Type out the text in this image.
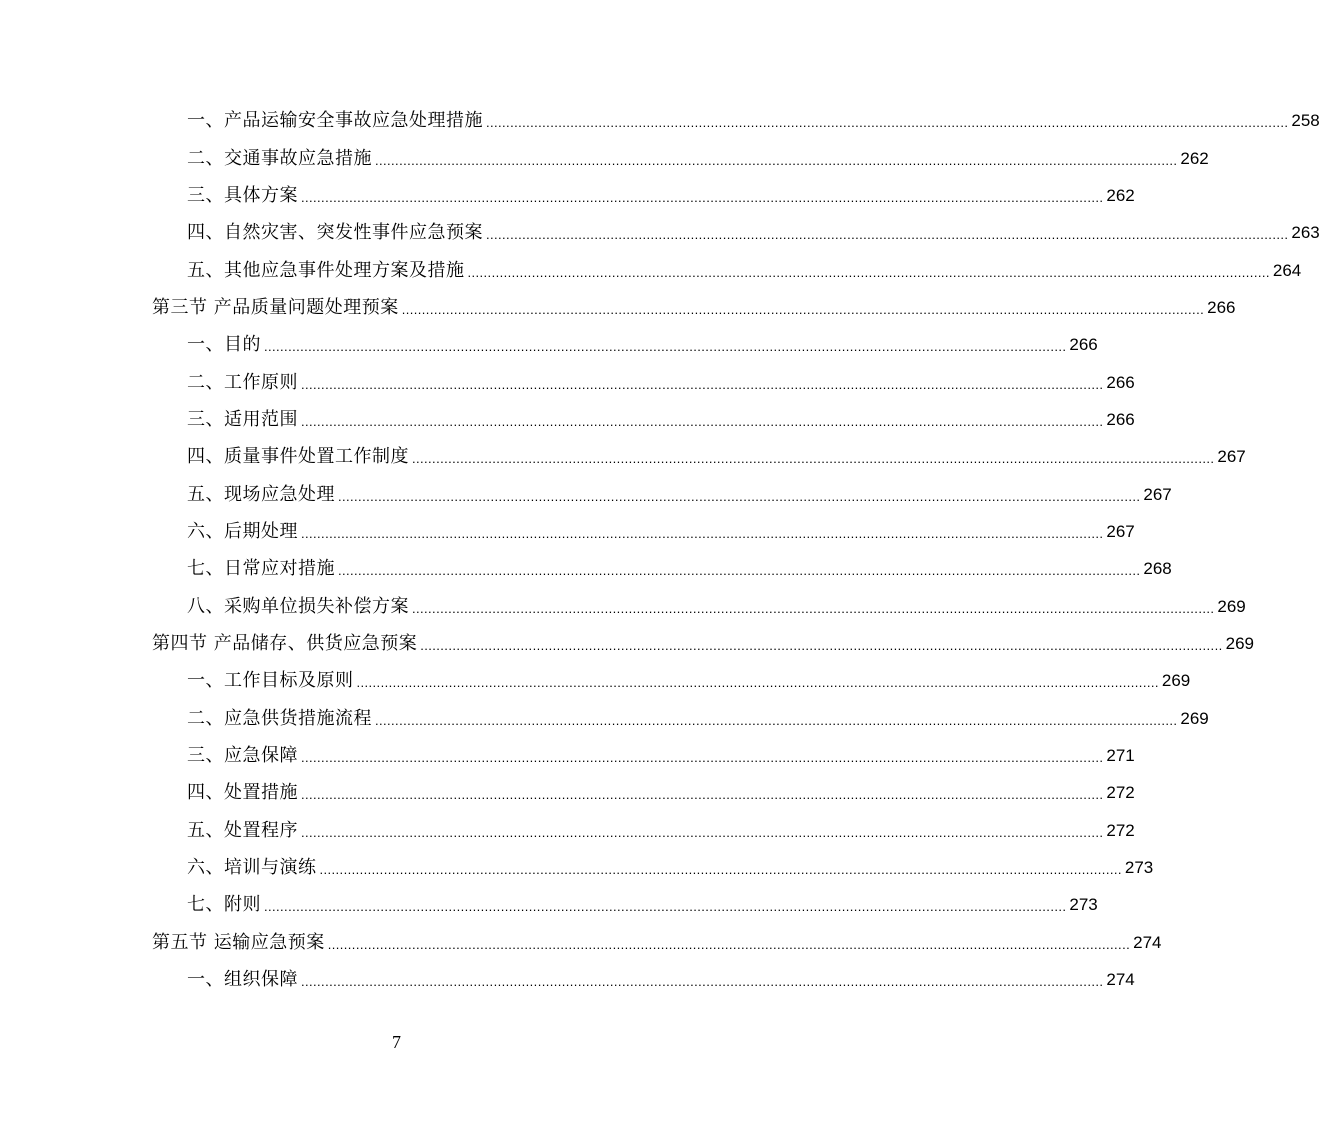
一、产品运输安全事故应急处理措施 ........................................................................................................................................................................................................ 258
二、交通事故应急措施 ........................................................................................................................................................................................................ 262
三、具体方案 ........................................................................................................................................................................................................ 262
四、自然灾害、突发性事件应急预案 ........................................................................................................................................................................................................ 263
五、其他应急事件处理方案及措施 ........................................................................................................................................................................................................ 264
第三节 产品质量问题处理预案 ........................................................................................................................................................................................................ 266
一、目的 ........................................................................................................................................................................................................ 266
二、工作原则 ........................................................................................................................................................................................................ 266
三、适用范围 ........................................................................................................................................................................................................ 266
四、质量事件处置工作制度 ........................................................................................................................................................................................................ 267
五、现场应急处理 ........................................................................................................................................................................................................ 267
六、后期处理 ........................................................................................................................................................................................................ 267
七、日常应对措施 ........................................................................................................................................................................................................ 268
八、采购单位损失补偿方案 ........................................................................................................................................................................................................ 269
第四节 产品储存、供货应急预案 ........................................................................................................................................................................................................ 269
一、工作目标及原则 ........................................................................................................................................................................................................ 269
二、应急供货措施流程 ........................................................................................................................................................................................................ 269
三、应急保障 ........................................................................................................................................................................................................ 271
四、处置措施 ........................................................................................................................................................................................................ 272
五、处置程序 ........................................................................................................................................................................................................ 272
六、培训与演练 ........................................................................................................................................................................................................ 273
七、附则 ........................................................................................................................................................................................................ 273
第五节 运输应急预案 ........................................................................................................................................................................................................ 274
一、组织保障 ........................................................................................................................................................................................................ 274
7
